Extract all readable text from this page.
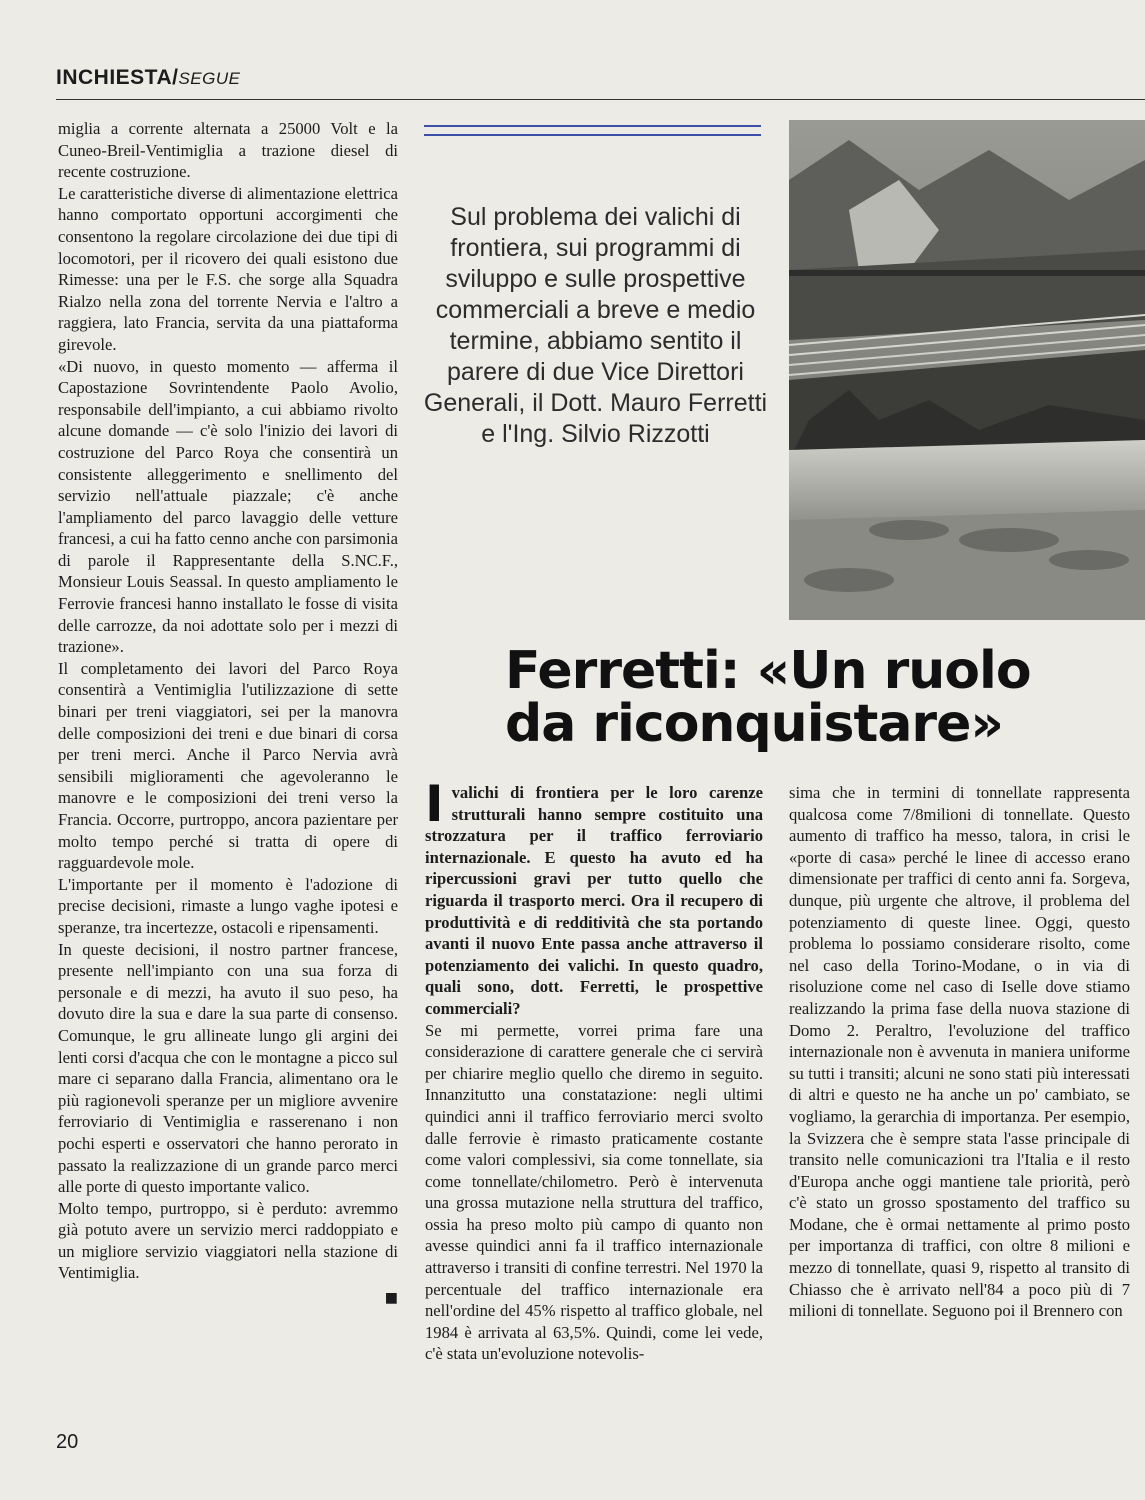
INCHIESTA/SEGUE

miglia a corrente alternata a 25000 Volt e la Cuneo-Breil-Ventimiglia a trazione diesel di recente costruzione.

Le caratteristiche diverse di alimentazione elettrica hanno comportato opportuni accorgimenti che consentono la regolare circolazione dei due tipi di locomotori, per il ricovero dei quali esistono due Rimesse: una per le F.S. che sorge alla Squadra Rialzo nella zona del torrente Nervia e l'altro a raggiera, lato Francia, servita da una piattaforma girevole.

«Di nuovo, in questo momento — afferma il Capostazione Sovrintendente Paolo Avolio, responsabile dell'impianto, a cui abbiamo rivolto alcune domande — c'è solo l'inizio dei lavori di costruzione del Parco Roya che consentirà un consistente alleggerimento e snellimento del servizio nell'attuale piazzale; c'è anche l'ampliamento del parco lavaggio delle vetture francesi, a cui ha fatto cenno anche con parsimonia di parole il Rappresentante della S.NC.F., Monsieur Louis Seassal. In questo ampliamento le Ferrovie francesi hanno installato le fosse di visita delle carrozze, da noi adottate solo per i mezzi di trazione».

Il completamento dei lavori del Parco Roya consentirà a Ventimiglia l'utilizzazione di sette binari per treni viaggiatori, sei per la manovra delle composizioni dei treni e due binari di corsa per treni merci. Anche il Parco Nervia avrà sensibili miglioramenti che agevoleranno le manovre e le composizioni dei treni verso la Francia. Occorre, purtroppo, ancora pazientare per molto tempo perché si tratta di opere di ragguardevole mole.

L'importante per il momento è l'adozione di precise decisioni, rimaste a lungo vaghe ipotesi e speranze, tra incertezze, ostacoli e ripensamenti.

In queste decisioni, il nostro partner francese, presente nell'impianto con una sua forza di personale e di mezzi, ha avuto il suo peso, ha dovuto dire la sua e dare la sua parte di consenso. Comunque, le gru allineate lungo gli argini dei lenti corsi d'acqua che con le montagne a picco sul mare ci separano dalla Francia, alimentano ora le più ragionevoli speranze per un migliore avvenire ferroviario di Ventimiglia e rasserenano i non pochi esperti e osservatori che hanno perorato in passato la realizzazione di un grande parco merci alle porte di questo importante valico.

Molto tempo, purtroppo, si è perduto: avremmo già potuto avere un servizio merci raddoppiato e un migliore servizio viaggiatori nella stazione di Ventimiglia.

■
Sul problema dei valichi di frontiera, sui programmi di sviluppo e sulle prospettive commerciali a breve e medio termine, abbiamo sentito il parere di due Vice Direttori Generali, il Dott. Mauro Ferretti e l'Ing. Silvio Rizzotti
Ferretti: «Un ruolo
da riconquistare»

I valichi di frontiera per le loro carenze strutturali hanno sempre costituito una strozzatura per il traffico ferroviario internazionale. E questo ha avuto ed ha ripercussioni gravi per tutto quello che riguarda il trasporto merci. Ora il recupero di produttività e di redditività che sta portando avanti il nuovo Ente passa anche attraverso il potenziamento dei valichi. In questo quadro, quali sono, dott. Ferretti, le prospettive commerciali?

Se mi permette, vorrei prima fare una considerazione di carattere generale che ci servirà per chiarire meglio quello che diremo in seguito. Innanzitutto una constatazione: negli ultimi quindici anni il traffico ferroviario merci svolto dalle ferrovie è rimasto praticamente costante come valori complessivi, sia come tonnellate, sia come tonnellate/chilometro. Però è intervenuta una grossa mutazione nella struttura del traffico, ossia ha preso molto più campo di quanto non avesse quindici anni fa il traffico internazionale attraverso i transiti di confine terrestri. Nel 1970 la percentuale del traffico internazionale era nell'ordine del 45% rispetto al traffico globale, nel 1984 è arrivata al 63,5%. Quindi, come lei vede, c'è stata un'evoluzione notevolis-

sima che in termini di tonnellate rappresenta qualcosa come 7/8milioni di tonnellate. Questo aumento di traffico ha messo, talora, in crisi le «porte di casa» perché le linee di accesso erano dimensionate per traffici di cento anni fa. Sorgeva, dunque, più urgente che altrove, il problema del potenziamento di queste linee. Oggi, questo problema lo possiamo considerare risolto, come nel caso della Torino-Modane, o in via di risoluzione come nel caso di Iselle dove stiamo realizzando la prima fase della nuova stazione di Domo 2. Peraltro, l'evoluzione del traffico internazionale non è avvenuta in maniera uniforme su tutti i transiti; alcuni ne sono stati più interessati di altri e questo ne ha anche un po' cambiato, se vogliamo, la gerarchia di importanza. Per esempio, la Svizzera che è sempre stata l'asse principale di transito nelle comunicazioni tra l'Italia e il resto d'Europa anche oggi mantiene tale priorità, però c'è stato un grosso spostamento del traffico su Modane, che è ormai nettamente al primo posto per importanza di traffici, con oltre 8 milioni e mezzo di tonnellate, quasi 9, rispetto al transito di Chiasso che è arrivato nell'84 a poco più di 7 milioni di tonnellate. Seguono poi il Brennero con

20
